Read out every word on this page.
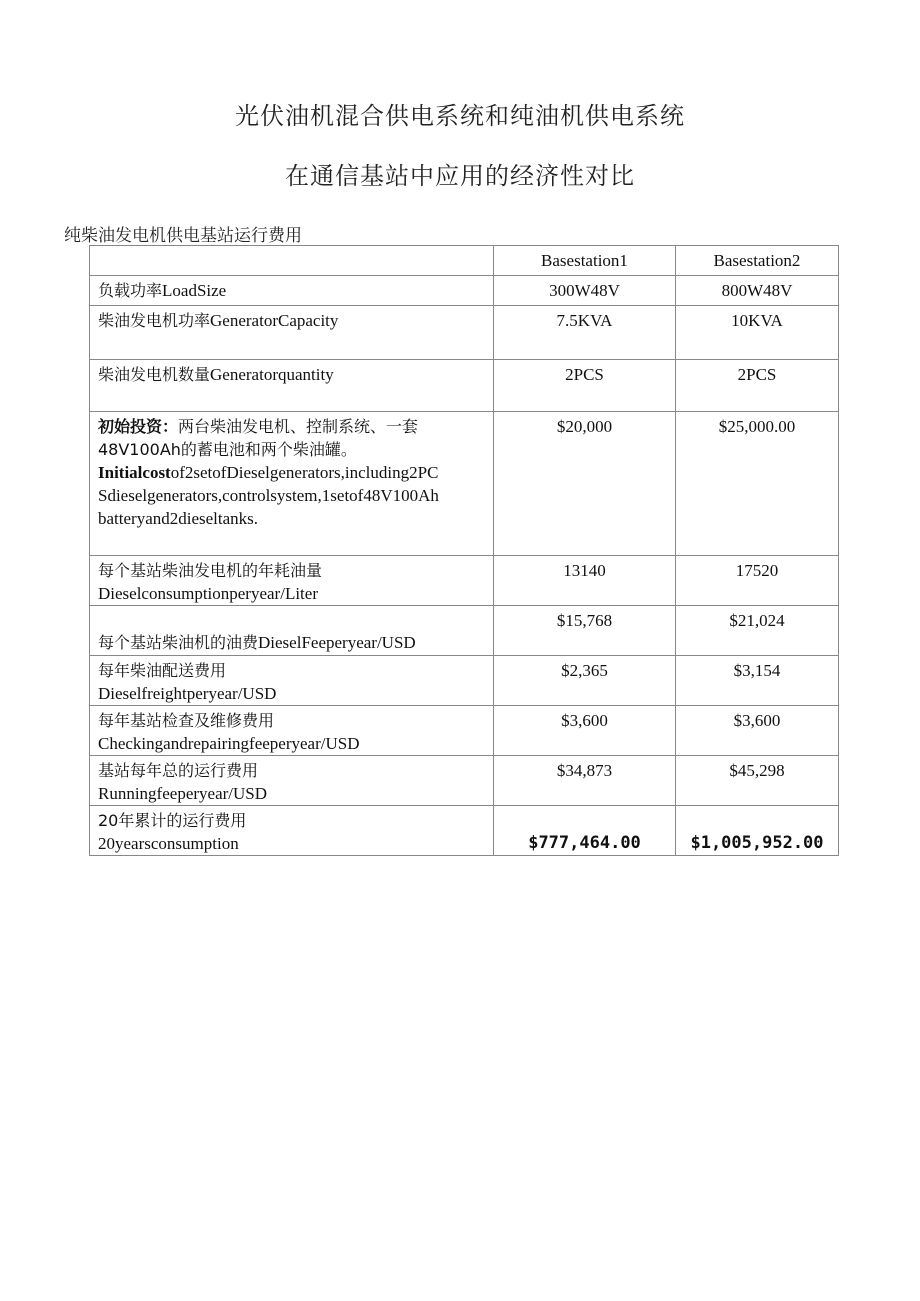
光伏油机混合供电系统和纯油机供电系统
在通信基站中应用的经济性对比
纯柴油发电机供电基站运行费用
	Basestation1	Basestation2
负载功率LoadSize	300W48V	800W48V
柴油发电机功率GeneratorCapacity	7.5KVA	10KVA
柴油发电机数量Generatorquantity	2PCS	2PCS

初始投资：两台柴油发电机、控制系统、一套
48V100Ah的蓄电池和两个柴油罐。
Initialcostof2setofDieselgenerators,including2PC
Sdieselgenerators,controlsystem,1setof48V100Ah
batteryand2dieseltanks.	$20,000	$25,000.00

每个基站柴油发电机的年耗油量
Dieselconsumptionperyear/Liter	13140	17520
每个基站柴油机的油费DieselFeeperyear/USD	$15,768	$21,024

每年柴油配送费用
Dieselfreightperyear/USD	$2,365	$3,154

每年基站检查及维修费用
Checkingandrepairingfeeperyear/USD	$3,600	$3,600

基站每年总的运行费用
Runningfeeperyear/USD	$34,873	$45,298

20年累计的运行费用
20yearsconsumption	$777,464.00	$1,005,952.00
